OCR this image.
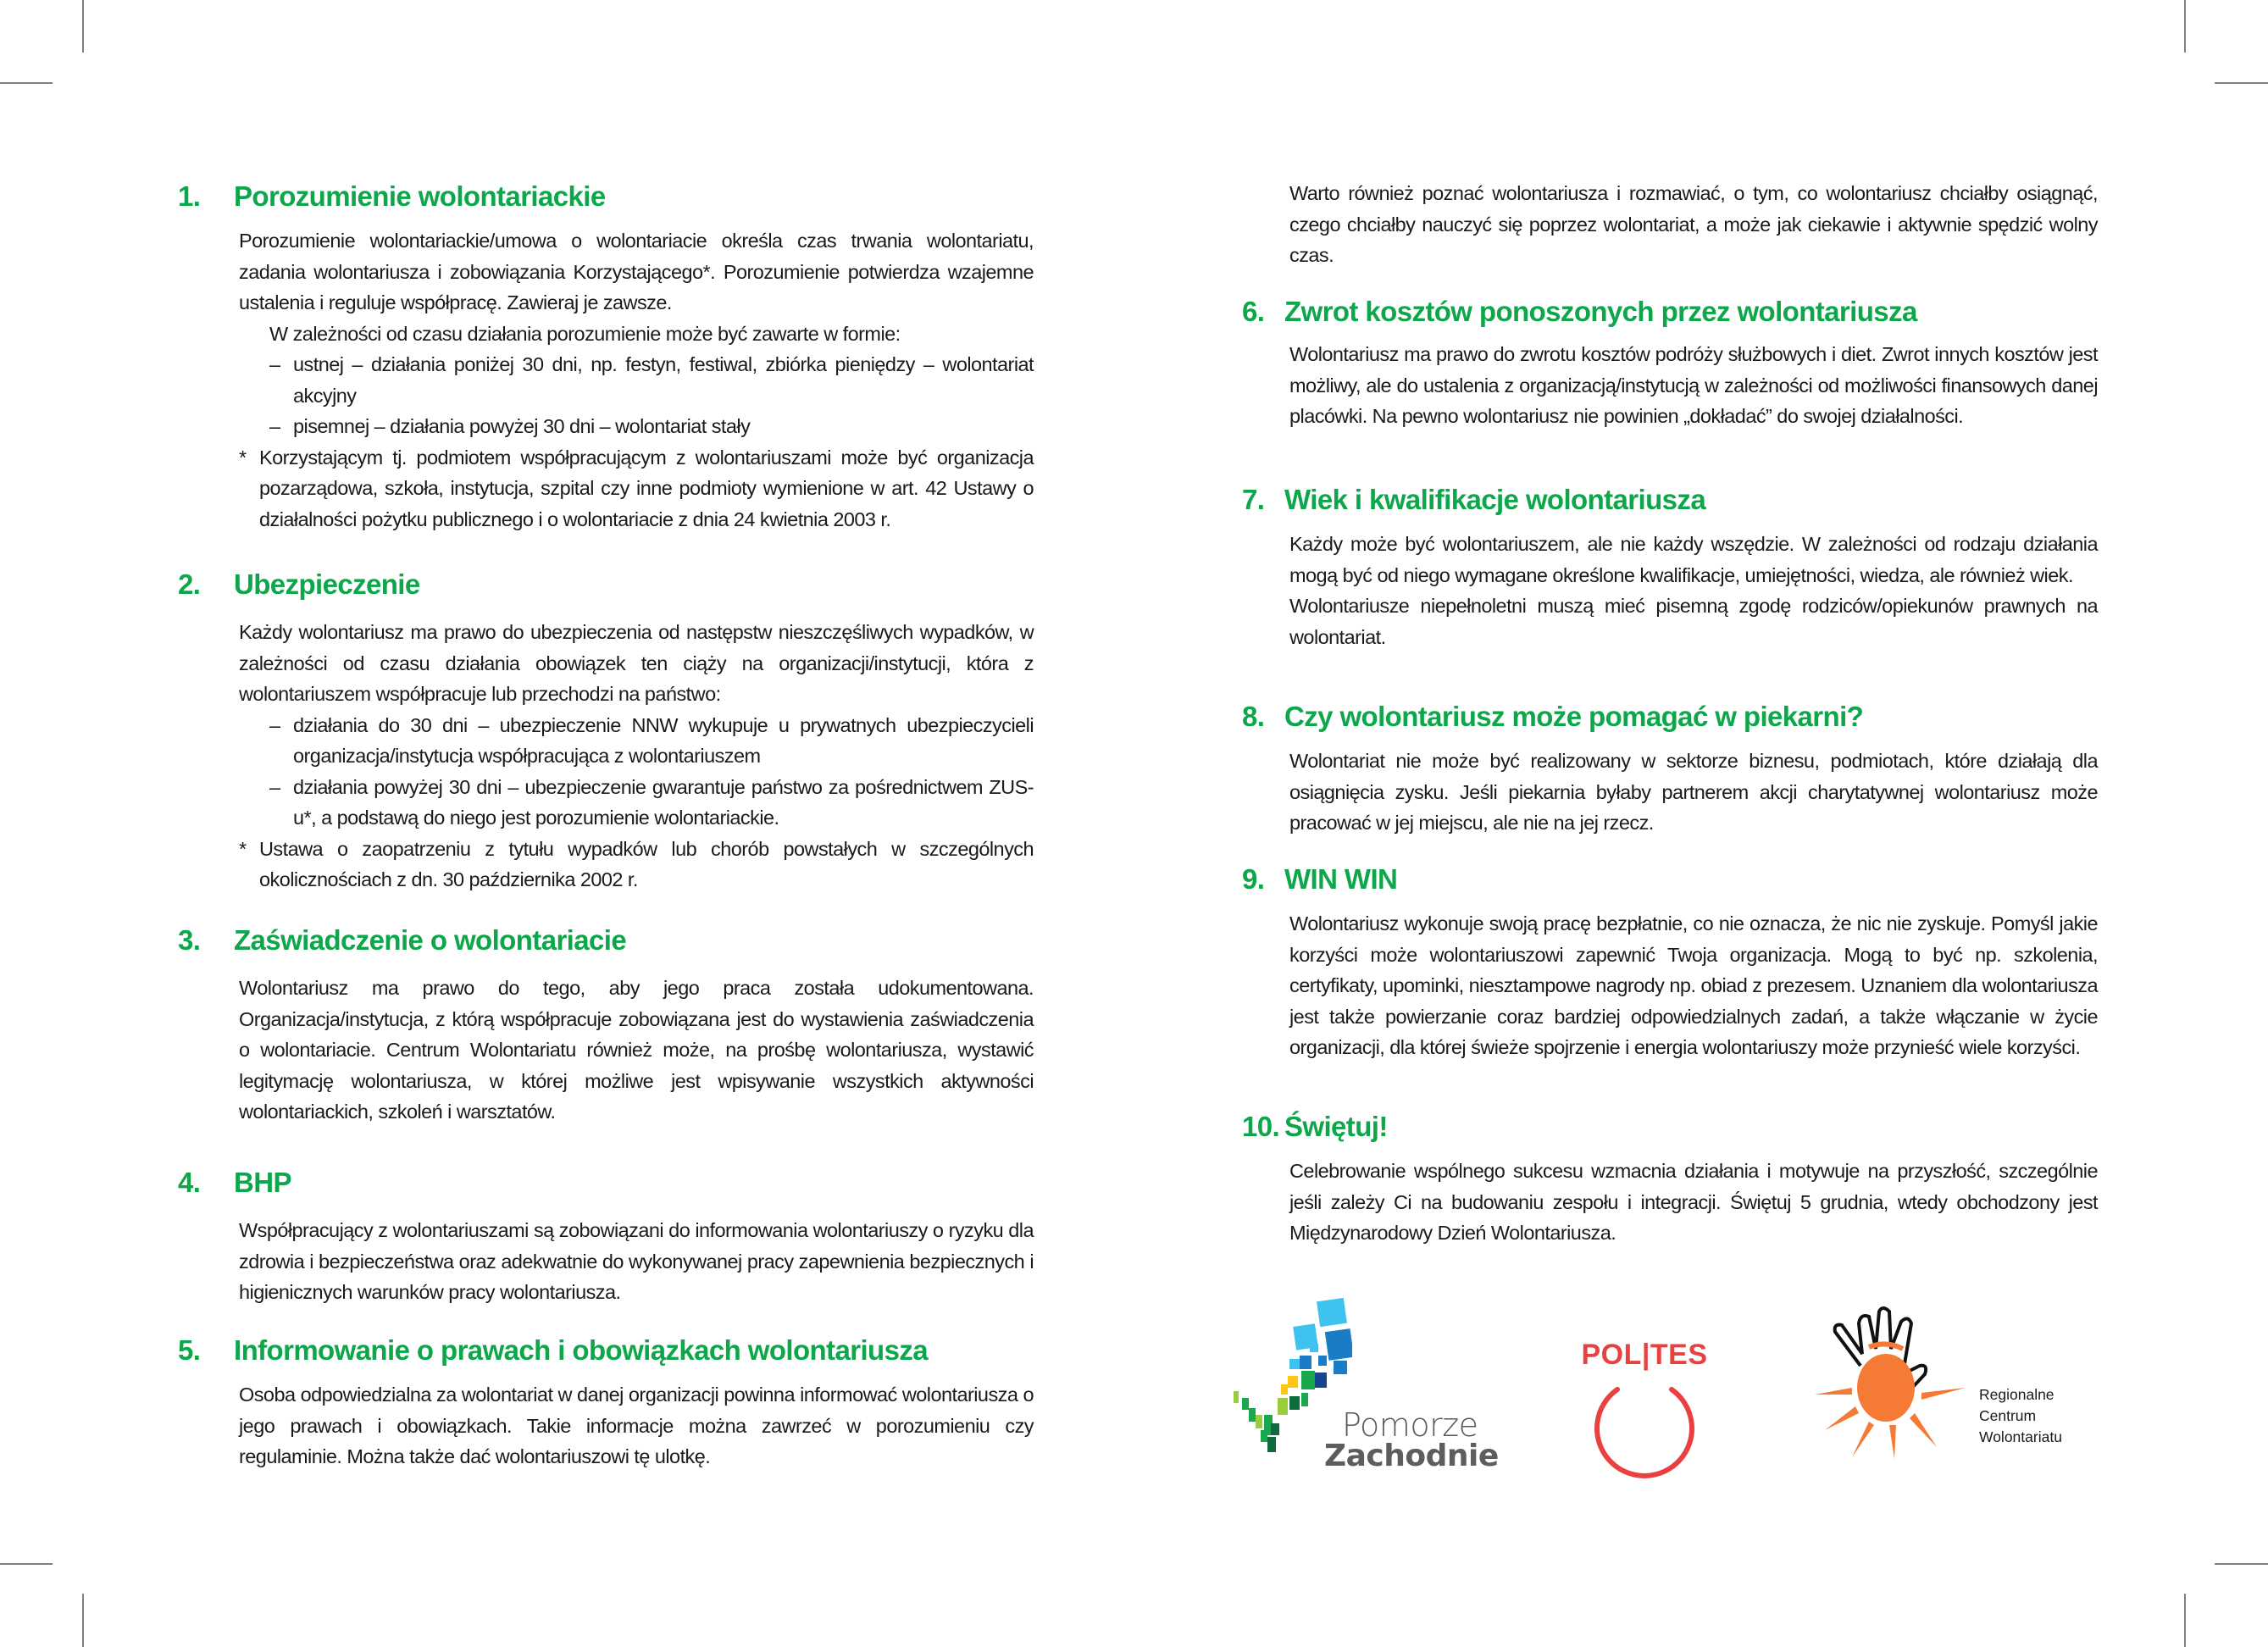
1.	Porozumienie wolontariackie

Porozumienie wolontariackie/umowa o wolontariacie określa czas trwania wolontariatu, zadania wolontariusza i zobowiązania Korzystającego*. Porozumienie potwierdza wzajemne ustalenia i reguluje współpracę. Zawieraj je zawsze.

W zależności od czasu działania porozumienie może być zawarte w formie:

– ustnej – działania poniżej 30 dni, np. festyn, festiwal, zbiórka pieniędzy – wolontariat akcyjny
– pisemnej – działania powyżej 30 dni – wolontariat stały
* Korzystającym tj. podmiotem współpracującym z wolontariuszami może być organizacja pozarządowa, szkoła, instytucja, szpital czy inne podmioty wymienione w art. 42 Ustawy o działalności pożytku publicznego i o wolontariacie z dnia 24 kwietnia 2003 r.
2.	Ubezpieczenie

Każdy wolontariusz ma prawo do ubezpieczenia od następstw nieszczęśliwych wypadków, w zależności od czasu działania obowiązek ten ciąży na organizacji/instytucji, która z wolontariuszem współpracuje lub przechodzi na państwo:

– działania do 30 dni – ubezpieczenie NNW wykupuje u prywatnych ubezpieczycieli organizacja/instytucja współpracująca z wolontariuszem
– działania powyżej 30 dni – ubezpieczenie gwarantuje państwo za pośrednictwem ZUS-u*, a podstawą do niego jest porozumienie wolontariackie.
* Ustawa o zaopatrzeniu z tytułu wypadków lub chorób powstałych w szczególnych okolicznościach z dn. 30 października 2002 r.
3.	Zaświadczenie o wolontariacie

Wolontariusz ma prawo do tego, aby jego praca została udokumentowana. Organizacja/instytucja, z którą współpracuje zobowiązana jest do wystawienia zaświadczenia o wolontariacie. Centrum Wolontariatu również może, na prośbę wolontariusza, wystawić legitymację wolontariusza, w której możliwe jest wpisywanie wszystkich aktywności wolontariackich, szkoleń i warsztatów.

4.	BHP

Współpracujący z wolontariuszami są zobowiązani do informowania wolontariuszy o ryzyku dla zdrowia i bezpieczeństwa oraz adekwatnie do wykonywanej pracy zapewnienia bezpiecznych i higienicznych warunków pracy wolontariusza.

5.	Informowanie o prawach i obowiązkach wolontariusza

Osoba odpowiedzialna za wolontariat w danej organizacji powinna informować wolontariusza o jego prawach i obowiązkach. Takie informacje można zawrzeć w porozumieniu czy regulaminie. Można także dać wolontariuszowi tę ulotkę.

Warto również poznać wolontariusza i rozmawiać, o tym, co wolontariusz chciałby osiągnąć, czego chciałby nauczyć się poprzez wolontariat, a może jak ciekawie i aktywnie spędzić wolny czas.

6. Zwrot kosztów ponoszonych przez wolontariusza

Wolontariusz ma prawo do zwrotu kosztów podróży służbowych i diet. Zwrot innych kosztów jest możliwy, ale do ustalenia z organizacją/instytucją w zależności od możliwości finansowych danej placówki. Na pewno wolontariusz nie powinien „dokładać” do swojej działalności.

7. Wiek i kwalifikacje wolontariusza

Każdy może być wolontariuszem, ale nie każdy wszędzie. W zależności od rodzaju działania mogą być od niego wymagane określone kwalifikacje, umiejętności, wiedza, ale również wiek.

Wolontariusze niepełnoletni muszą mieć pisemną zgodę rodziców/opiekunów prawnych na wolontariat.

8. Czy wolontariusz może pomagać w piekarni?

Wolontariat nie może być realizowany w sektorze biznesu, podmiotach, które działają dla osiągnięcia zysku. Jeśli piekarnia byłaby partnerem akcji charytatywnej wolontariusz może pracować w jej miejscu, ale nie na jej rzecz.

9. WIN WIN

Wolontariusz wykonuje swoją pracę bezpłatnie, co nie oznacza, że nic nie zyskuje. Pomyśl jakie korzyści może wolontariuszowi zapewnić Twoja organizacja. Mogą to być np. szkolenia, certyfikaty, upominki, niesztampowe nagrody np. obiad z prezesem. Uznaniem dla wolontariusza jest także powierzanie coraz bardziej odpowiedzialnych zadań, a także włączanie w życie organizacji, dla której świeże spojrzenie i energia wolontariuszy może przynieść wiele korzyści.

10. Świętuj!

Celebrowanie wspólnego sukcesu wzmacnia działania i motywuje na przyszłość, szczególnie jeśli zależy Ci na budowaniu zespołu i integracji. Świętuj 5 grudnia, wtedy obchodzony jest Międzynarodowy Dzień Wolontariusza.

Pomorze
Zachodnie
POL|TES
Regionalne
Centrum
Wolontariatu
